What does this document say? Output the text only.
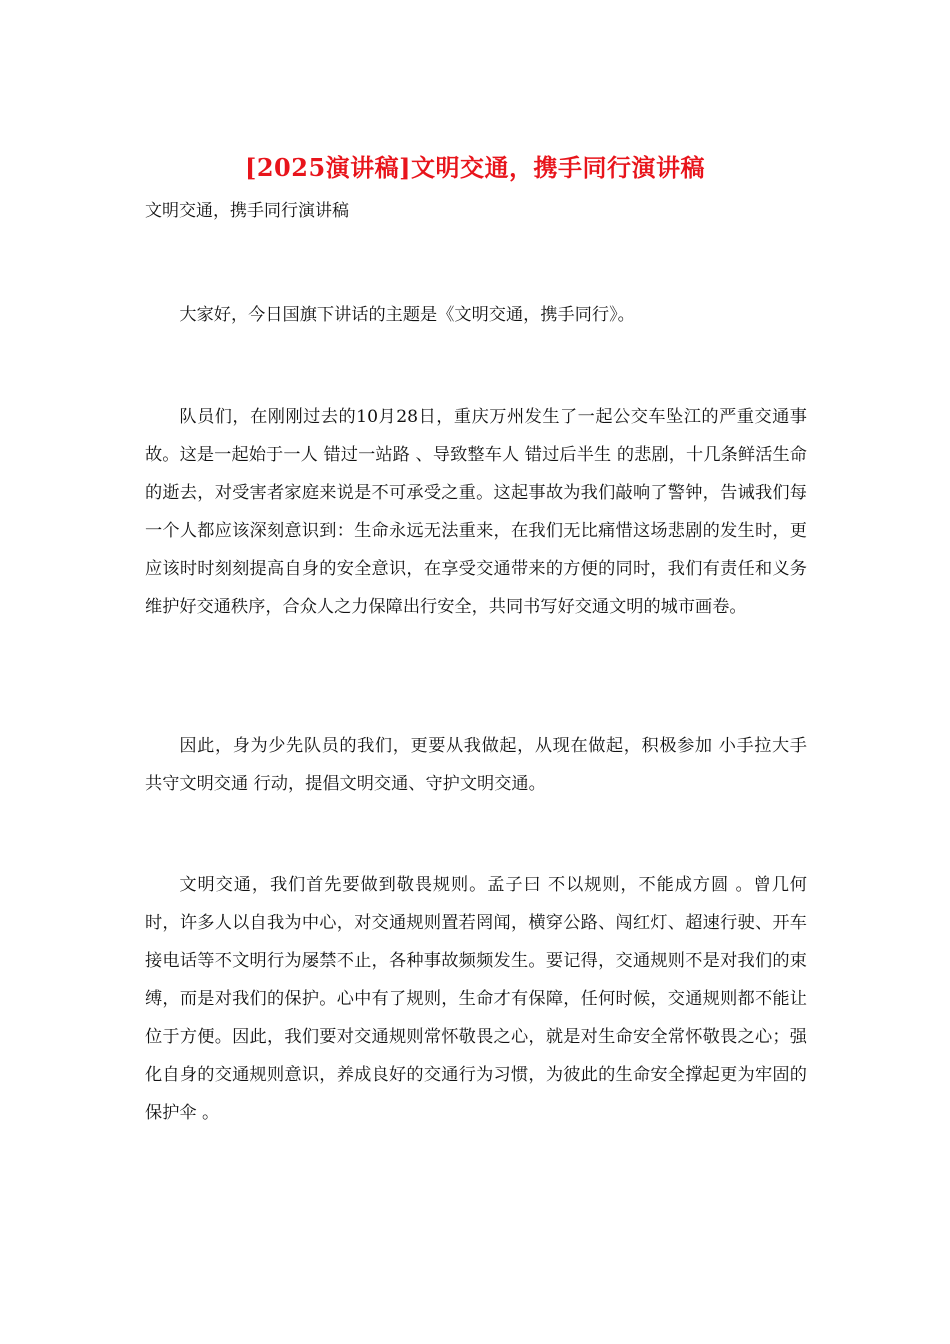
[2025演讲稿]文明交通，携手同行演讲稿
文明交通，携手同行演讲稿

大家好，今日国旗下讲话的主题是《文明交通，携手同行》。

队员们，在刚刚过去的10月28日，重庆万州发生了一起公交车坠江的严重交通事故。这是一起始于一人 错过一站路 、导致整车人 错过后半生 的悲剧，十几条鲜活生命的逝去，对受害者家庭来说是不可承受之重。这起事故为我们敲响了警钟，告诫我们每一个人都应该深刻意识到：生命永远无法重来，在我们无比痛惜这场悲剧的发生时，更应该时时刻刻提高自身的安全意识，在享受交通带来的方便的同时，我们有责任和义务维护好交通秩序，合众人之力保障出行安全，共同书写好交通文明的城市画卷。

因此，身为少先队员的我们，更要从我做起，从现在做起，积极参加 小手拉大手 共守文明交通 行动，提倡文明交通、守护文明交通。

文明交通，我们首先要做到敬畏规则。孟子曰 不以规则，不能成方圆 。曾几何时，许多人以自我为中心，对交通规则置若罔闻，横穿公路、闯红灯、超速行驶、开车接电话等不文明行为屡禁不止，各种事故频频发生。要记得，交通规则不是对我们的束缚，而是对我们的保护。心中有了规则，生命才有保障，任何时候，交通规则都不能让位于方便。因此，我们要对交通规则常怀敬畏之心，就是对生命安全常怀敬畏之心；强化自身的交通规则意识，养成良好的交通行为习惯，为彼此的生命安全撑起更为牢固的 保护伞 。
